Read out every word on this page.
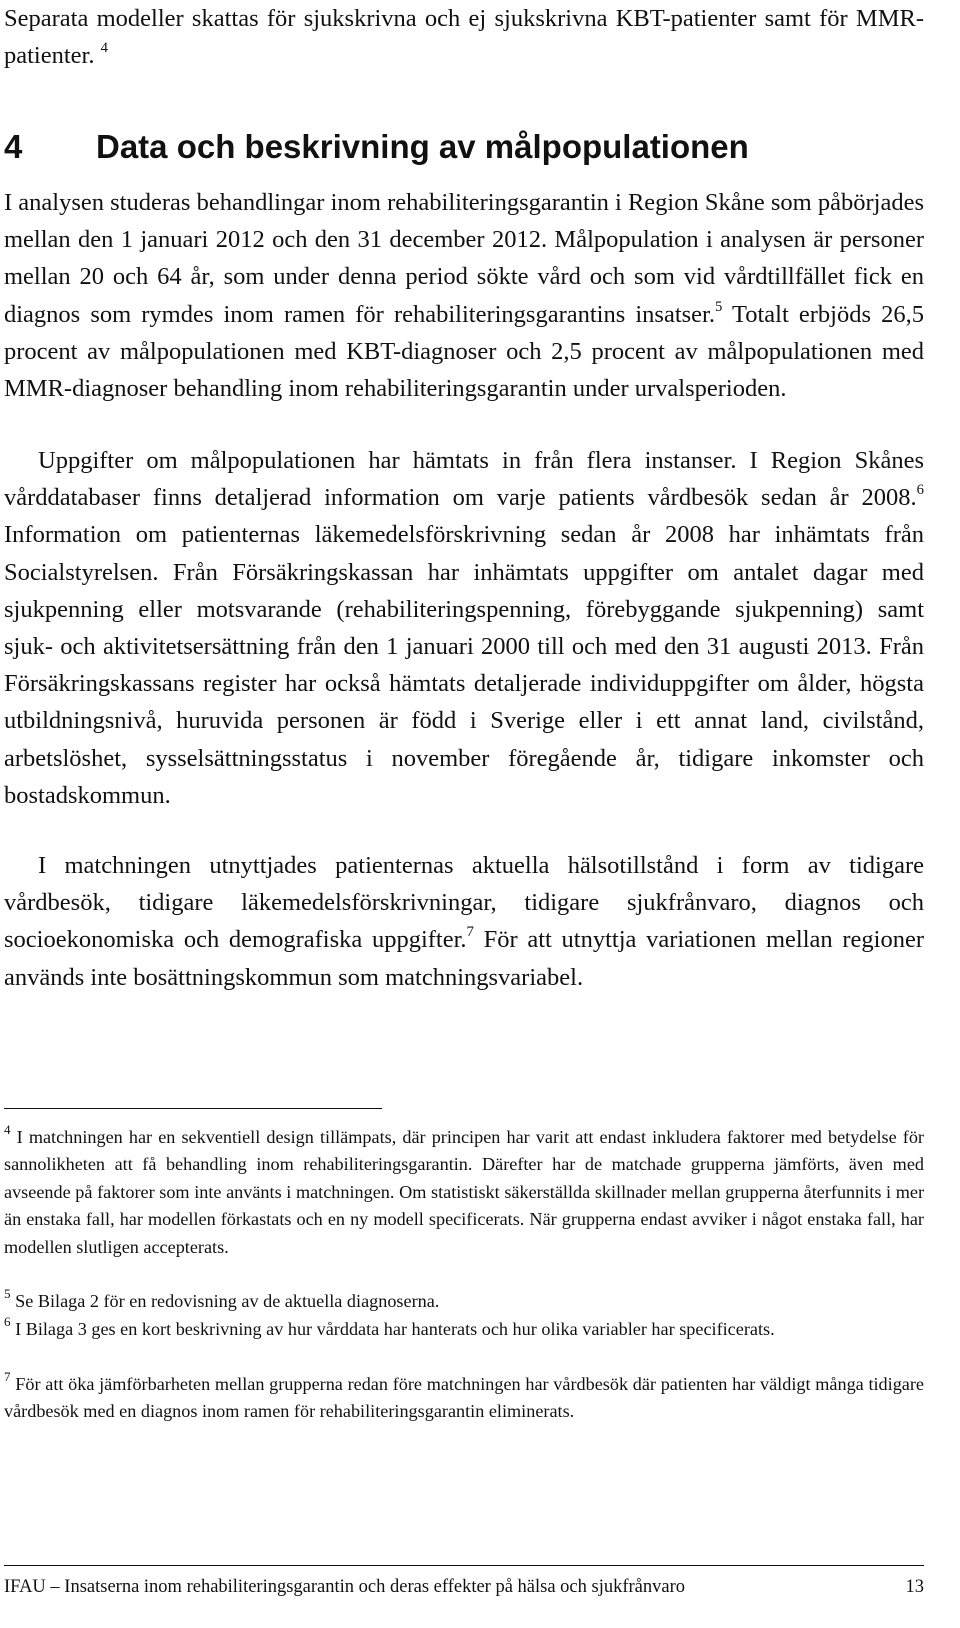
Separata modeller skattas för sjukskrivna och ej sjukskrivna KBT-patienter samt för MMR-patienter. $^4$

4 Data och beskrivning av målpopulationen

I analysen studeras behandlingar inom rehabiliteringsgarantin i Region Skåne som påbörjades mellan den 1 januari 2012 och den 31 december 2012. Målpopulation i analysen är personer mellan 20 och 64 år, som under denna period sökte vård och som vid vårdtillfället fick en diagnos som rymdes inom ramen för rehabiliteringsgarantins insatser.$^5$ Totalt erbjöds 26,5 procent av målpopulationen med KBT-diagnoser och 2,5 procent av målpopulationen med MMR-diagnoser behandling inom rehabiliteringsgarantin under urvalsperioden.

Uppgifter om målpopulationen har hämtats in från flera instanser. I Region Skånes vårddatabaser finns detaljerad information om varje patients vårdbesök sedan år 2008.$^6$ Information om patienternas läkemedelsförskrivning sedan år 2008 har inhämtats från Socialstyrelsen. Från Försäkringskassan har inhämtats uppgifter om antalet dagar med sjukpenning eller motsvarande (rehabiliteringspenning, förebyggande sjukpenning) samt sjuk- och aktivitetsersättning från den 1 januari 2000 till och med den 31 augusti 2013. Från Försäkringskassans register har också hämtats detaljerade individuppgifter om ålder, högsta utbildningsnivå, huruvida personen är född i Sverige eller i ett annat land, civilstånd, arbetslöshet, sysselsättningsstatus i november föregående år, tidigare inkomster och bostadskommun.

I matchningen utnyttjades patienternas aktuella hälsotillstånd i form av tidigare vårdbesök, tidigare läkemedelsförskrivningar, tidigare sjukfrånvaro, diagnos och socioekonomiska och demografiska uppgifter.$^7$ För att utnyttja variationen mellan regioner används inte bosättningskommun som matchningsvariabel.

$^4$ I matchningen har en sekventiell design tillämpats, där principen har varit att endast inkludera faktorer med betydelse för sannolikheten att få behandling inom rehabiliteringsgarantin. Därefter har de matchade grupperna jämförts, även med avseende på faktorer som inte använts i matchningen. Om statistiskt säkerställda skillnader mellan grupperna återfunnits i mer än enstaka fall, har modellen förkastats och en ny modell specificerats. När grupperna endast avviker i något enstaka fall, har modellen slutligen accepterats.

$^5$ Se Bilaga 2 för en redovisning av de aktuella diagnoserna.

$^6$ I Bilaga 3 ges en kort beskrivning av hur vårddata har hanterats och hur olika variabler har specificerats.

$^7$ För att öka jämförbarheten mellan grupperna redan före matchningen har vårdbesök där patienten har väldigt många tidigare vårdbesök med en diagnos inom ramen för rehabiliteringsgarantin eliminerats.

IFAU – Insatserna inom rehabiliteringsgarantin och deras effekter på hälsa och sjukfrånvaro	13
